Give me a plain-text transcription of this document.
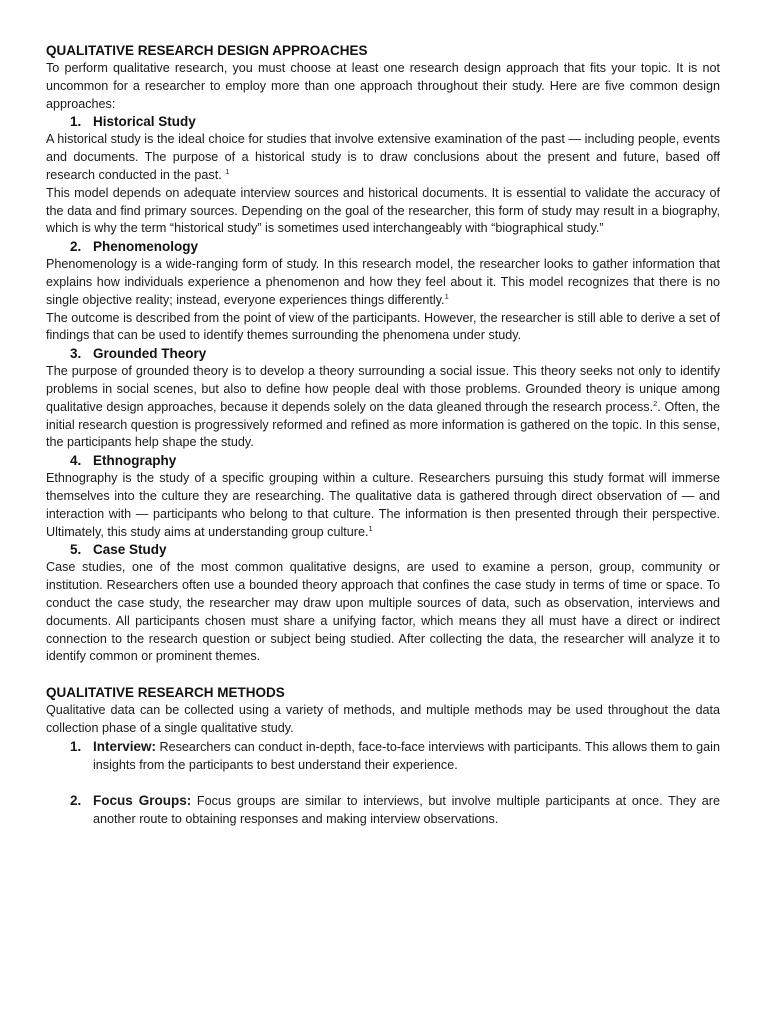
QUALITATIVE RESEARCH DESIGN APPROACHES

To perform qualitative research, you must choose at least one research design approach that fits your topic. It is not uncommon for a researcher to employ more than one approach throughout their study. Here are five common design approaches:

1. Historical Study

A historical study is the ideal choice for studies that involve extensive examination of the past — including people, events and documents. The purpose of a historical study is to draw conclusions about the present and future, based off research conducted in the past. $^1$

This model depends on adequate interview sources and historical documents. It is essential to validate the accuracy of the data and find primary sources. Depending on the goal of the researcher, this form of study may result in a biography, which is why the term “historical study” is sometimes used interchangeably with “biographical study.”

2. Phenomenology

Phenomenology is a wide-ranging form of study. In this research model, the researcher looks to gather information that explains how individuals experience a phenomenon and how they feel about it. This model recognizes that there is no single objective reality; instead, everyone experiences things differently.$^1$

The outcome is described from the point of view of the participants. However, the researcher is still able to derive a set of findings that can be used to identify themes surrounding the phenomena under study.

3. Grounded Theory

The purpose of grounded theory is to develop a theory surrounding a social issue. This theory seeks not only to identify problems in social scenes, but also to define how people deal with those problems. Grounded theory is unique among qualitative design approaches, because it depends solely on the data gleaned through the research process.$^2$. Often, the initial research question is progressively reformed and refined as more information is gathered on the topic. In this sense, the participants help shape the study.

4. Ethnography

Ethnography is the study of a specific grouping within a culture. Researchers pursuing this study format will immerse themselves into the culture they are researching. The qualitative data is gathered through direct observation of — and interaction with — participants who belong to that culture. The information is then presented through their perspective. Ultimately, this study aims at understanding group culture.$^1$

5. Case Study

Case studies, one of the most common qualitative designs, are used to examine a person, group, community or institution. Researchers often use a bounded theory approach that confines the case study in terms of time or space. To conduct the case study, the researcher may draw upon multiple sources of data, such as observation, interviews and documents. All participants chosen must share a unifying factor, which means they all must have a direct or indirect connection to the research question or subject being studied. After collecting the data, the researcher will analyze it to identify common or prominent themes.

QUALITATIVE RESEARCH METHODS

Qualitative data can be collected using a variety of methods, and multiple methods may be used throughout the data collection phase of a single qualitative study.

1. Interview: Researchers can conduct in-depth, face-to-face interviews with participants. This allows them to gain insights from the participants to best understand their experience.
2. Focus Groups: Focus groups are similar to interviews, but involve multiple participants at once. They are another route to obtaining responses and making interview observations.
